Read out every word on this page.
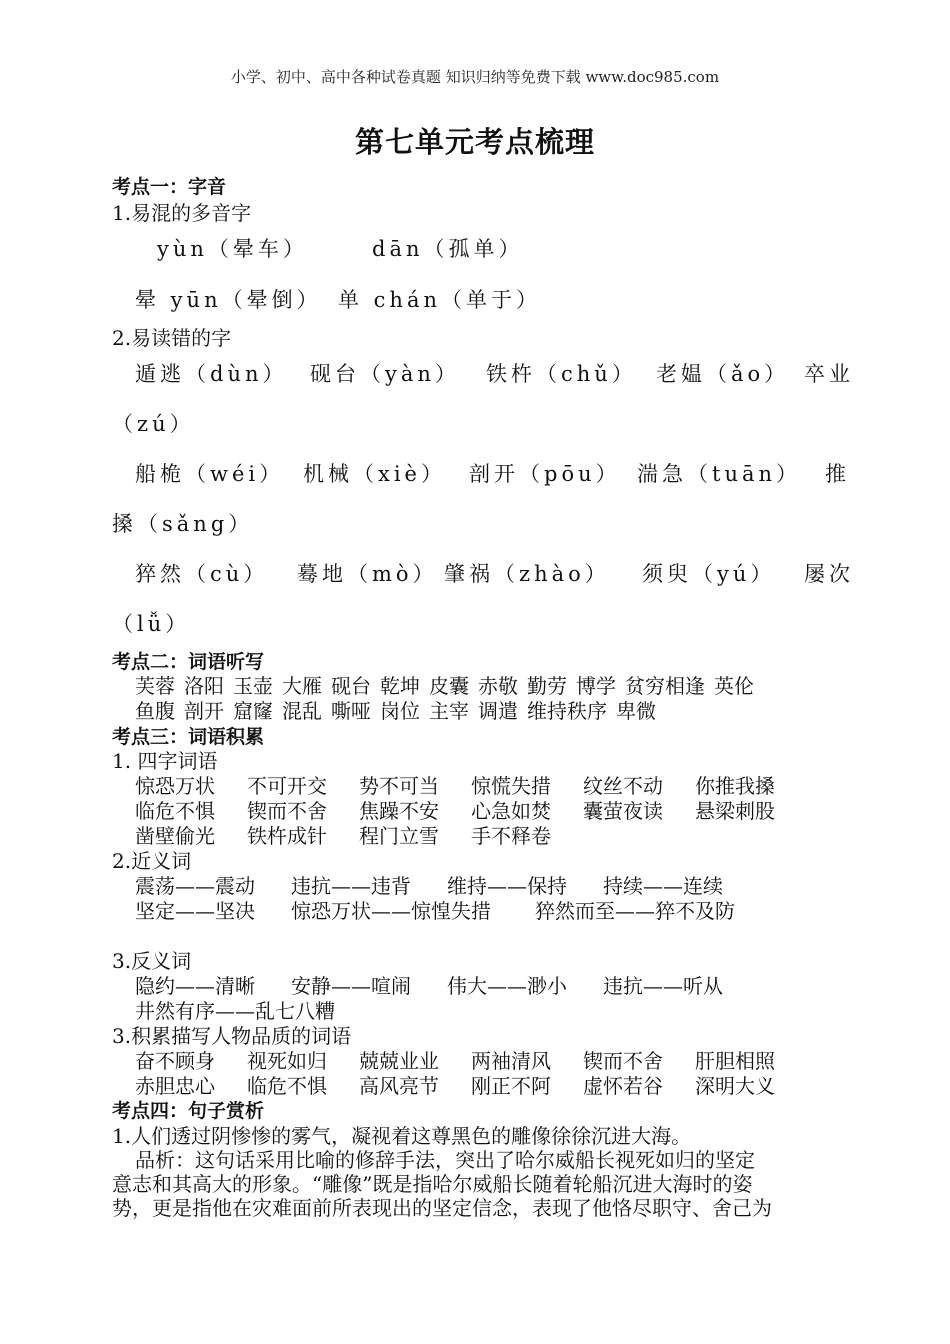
小学、初中、高中各种试卷真题 知识归纳等免费下载 www.doc985.com
第七单元考点梳理
考点一：字音
1.易混的多音字
yùn（晕车）	dān（孤单）
晕 yūn（晕倒） 单 chán（单于）
2.易读错的字
遁逃（dùn） 砚台（yàn） 铁杵（chǔ） 老媪（ǎo） 卒业
（zú）
船桅（wéi） 机械（xiè） 剖开（pōu） 湍急（tuān） 推
搡（sǎng）
猝然（cù） 蓦地（mò） 肇祸（zhào） 须臾（yú） 屡次
（lǚ）
考点二：词语听写
芙蓉 洛阳 玉壶 大雁 砚台 乾坤 皮囊 赤敬 勤劳 博学 贫穷相逢 英伦
鱼腹 剖开 窟窿 混乱 嘶哑 岗位 主宰 调遣 维持秩序 卑微
考点三：词语积累
1. 四字词语
惊恐万状 不可开交 势不可当 惊慌失措 纹丝不动 你推我搡
临危不惧 锲而不舍 焦躁不安 心急如焚 囊萤夜读 悬梁刺股
凿壁偷光 铁杵成针 程门立雪 手不释卷
2.近义词
震荡——震动 违抗——违背 维持——保持 持续——连续
坚定——坚决 惊恐万状——惊惶失措 猝然而至——猝不及防
3.反义词
隐约——清晰 安静——喧闹 伟大——渺小 违抗——听从
井然有序——乱七八糟
3.积累描写人物品质的词语
奋不顾身 视死如归 兢兢业业 两袖清风 锲而不舍 肝胆相照
赤胆忠心 临危不惧 高风亮节 刚正不阿 虚怀若谷 深明大义
考点四：句子赏析
1.人们透过阴惨惨的雾气，凝视着这尊黑色的雕像徐徐沉进大海。
品析：这句话采用比喻的修辞手法，突出了哈尔威船长视死如归的坚定
意志和其高大的形象。“雕像”既是指哈尔威船长随着轮船沉进大海时的姿
势，更是指他在灾难面前所表现出的坚定信念，表现了他恪尽职守、舍己为
